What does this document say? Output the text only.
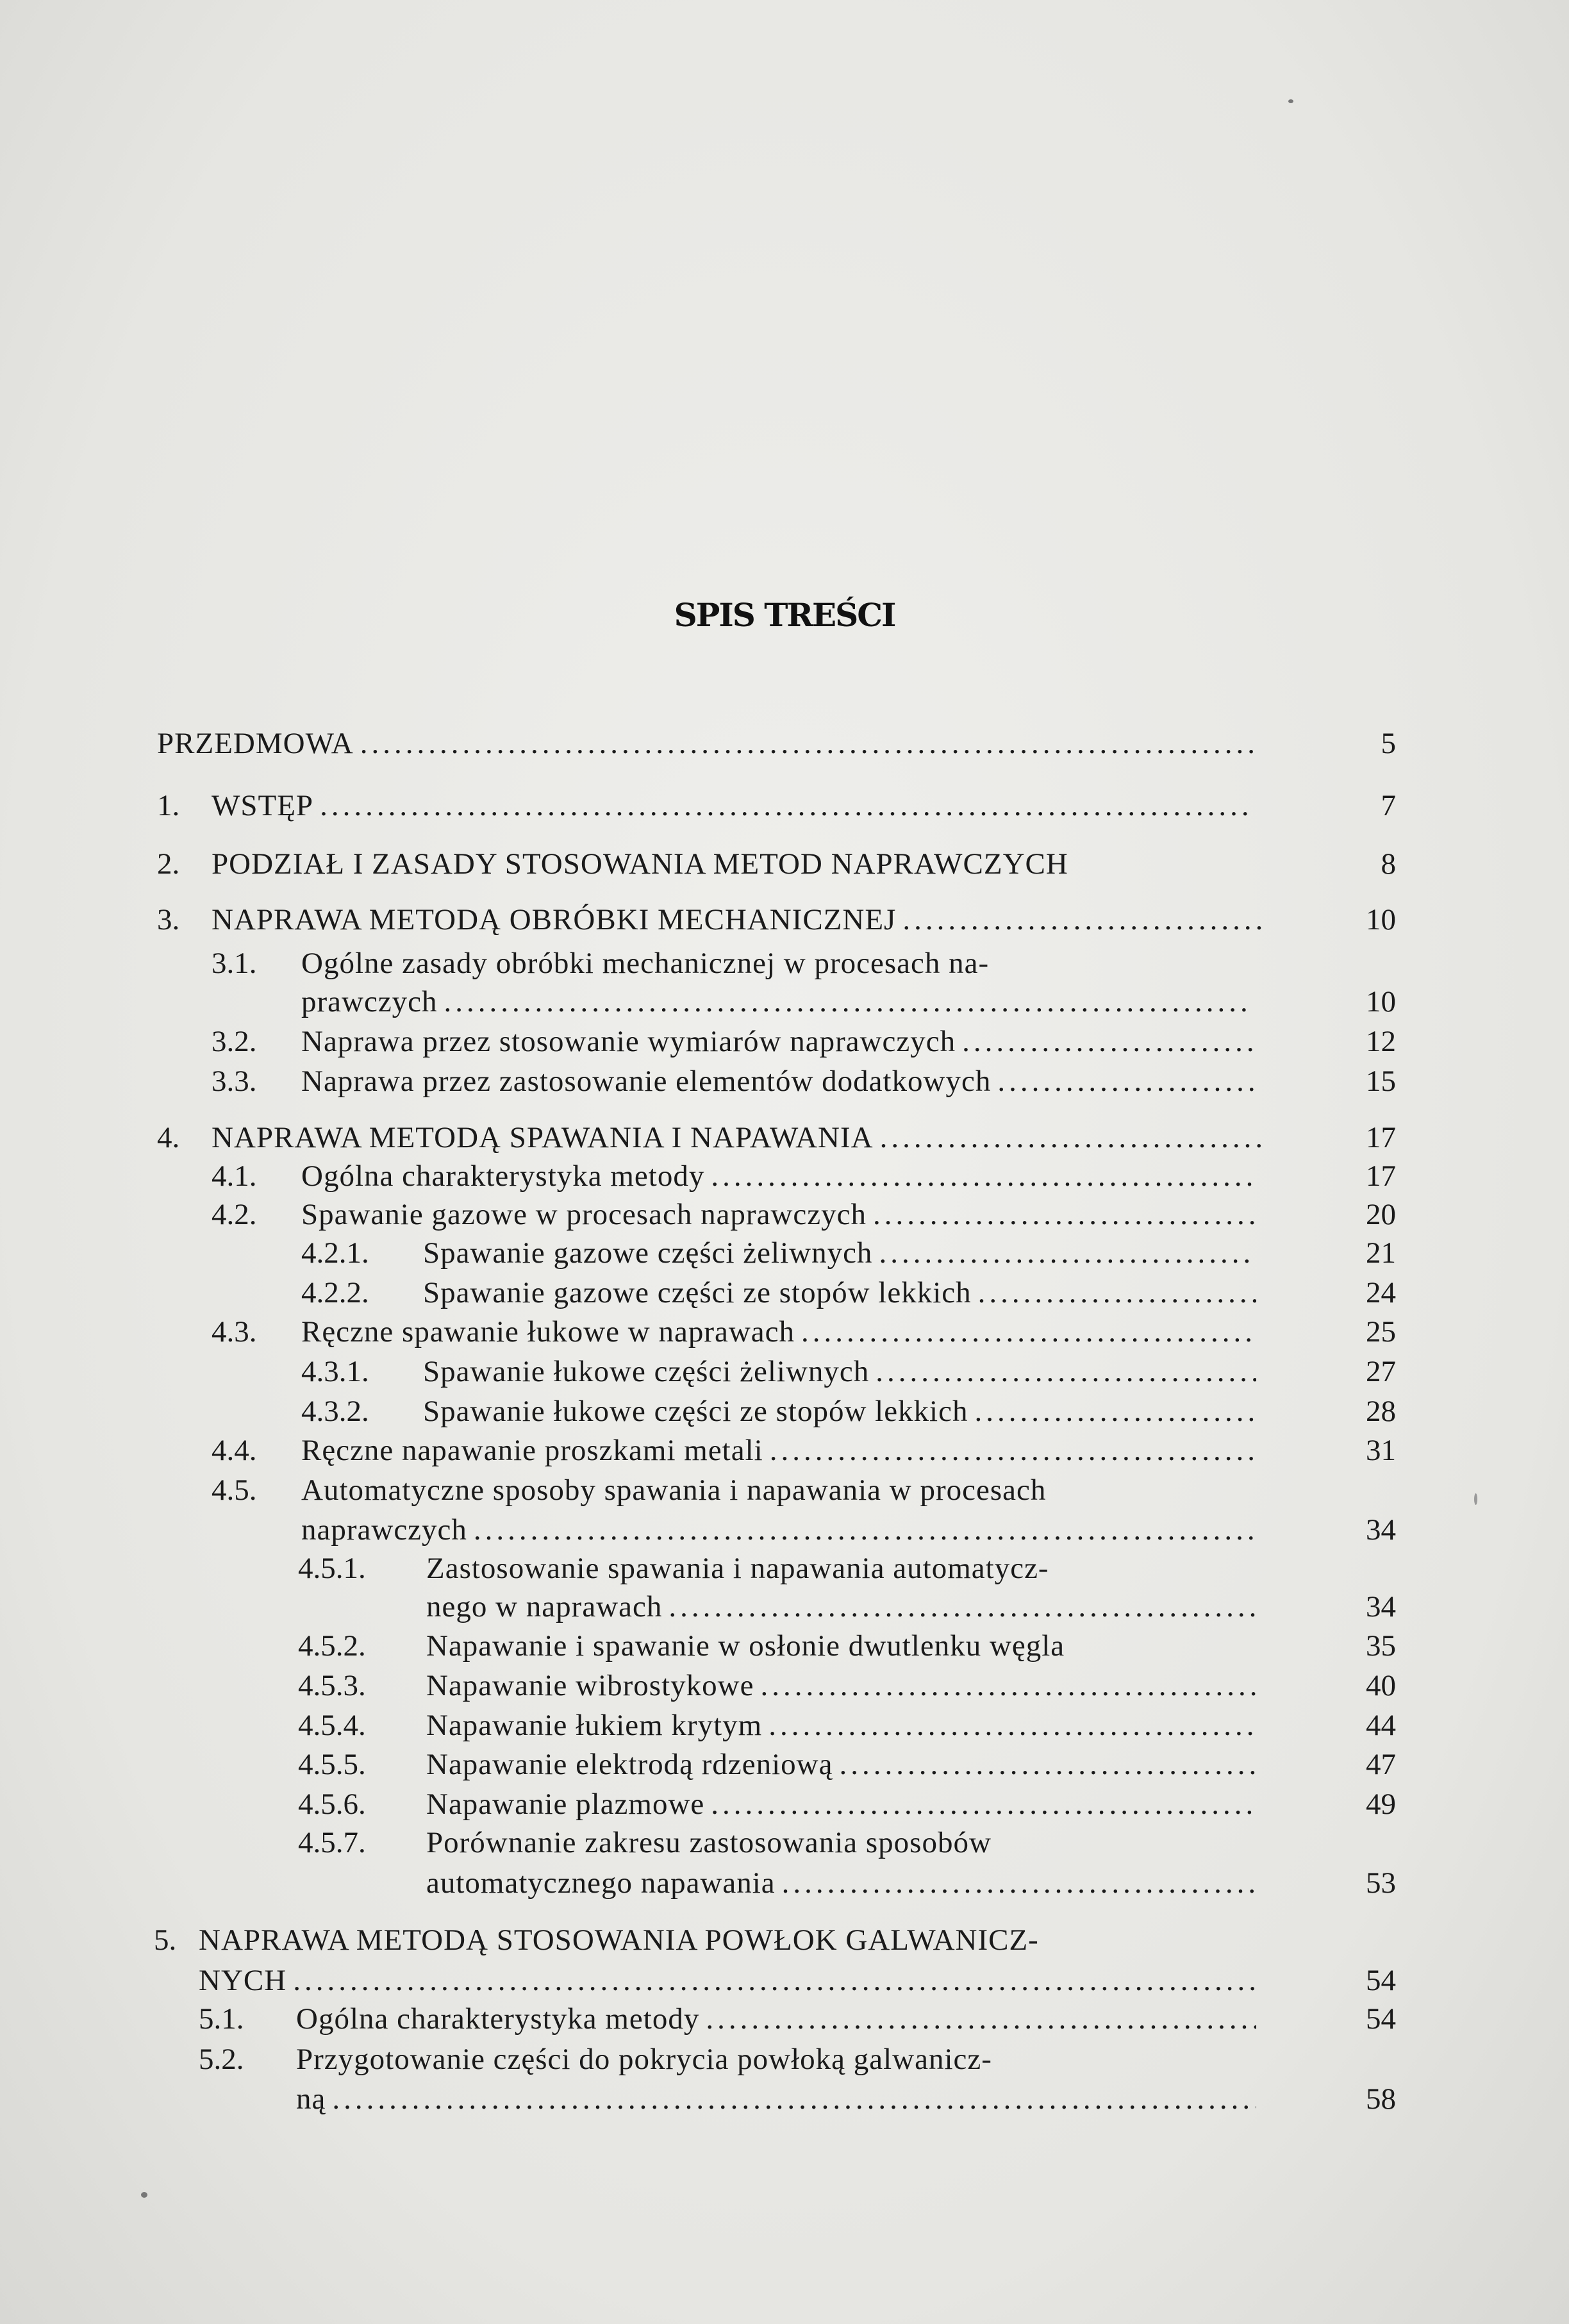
SPIS TREŚCI
PRZEDMOWA .....	5
1. WSTĘP .....	7
2. PODZIAŁ I ZASADY STOSOWANIA METOD NAPRAWCZYCH	8
3. NAPRAWA METODĄ OBRÓBKI MECHANICZNEJ .....	10
3.1. Ogólne zasady obróbki mechanicznej w procesach na-
prawczych .....	10
3.2. Naprawa przez stosowanie wymiarów naprawczych .....	12
3.3. Naprawa przez zastosowanie elementów dodatkowych .....	15
4. NAPRAWA METODĄ SPAWANIA I NAPAWANIA .....	17
4.1. Ogólna charakterystyka metody .....	17
4.2. Spawanie gazowe w procesach naprawczych .....	20
4.2.1. Spawanie gazowe części żeliwnych .....	21
4.2.2. Spawanie gazowe części ze stopów lekkich .....	24
4.3. Ręczne spawanie łukowe w naprawach .....	25
4.3.1. Spawanie łukowe części żeliwnych .....	27
4.3.2. Spawanie łukowe części ze stopów lekkich .....	28
4.4. Ręczne napawanie proszkami metali .....	31
4.5. Automatyczne sposoby spawania i napawania w procesach
naprawczych .....	34
4.5.1. Zastosowanie spawania i napawania automatycz-
nego w naprawach .....	34
4.5.2. Napawanie i spawanie w osłonie dwutlenku węgla	35
4.5.3. Napawanie wibrostykowe .....	40
4.5.4. Napawanie łukiem krytym .....	44
4.5.5. Napawanie elektrodą rdzeniową .....	47
4.5.6. Napawanie plazmowe .....	49
4.5.7. Porównanie zakresu zastosowania sposobów
automatycznego napawania .....	53
5. NAPRAWA METODĄ STOSOWANIA POWŁOK GALWANICZ-
NYCH .....	54
5.1. Ogólna charakterystyka metody .....	54
5.2. Przygotowanie części do pokrycia powłoką galwanicz-
ną .....	58
